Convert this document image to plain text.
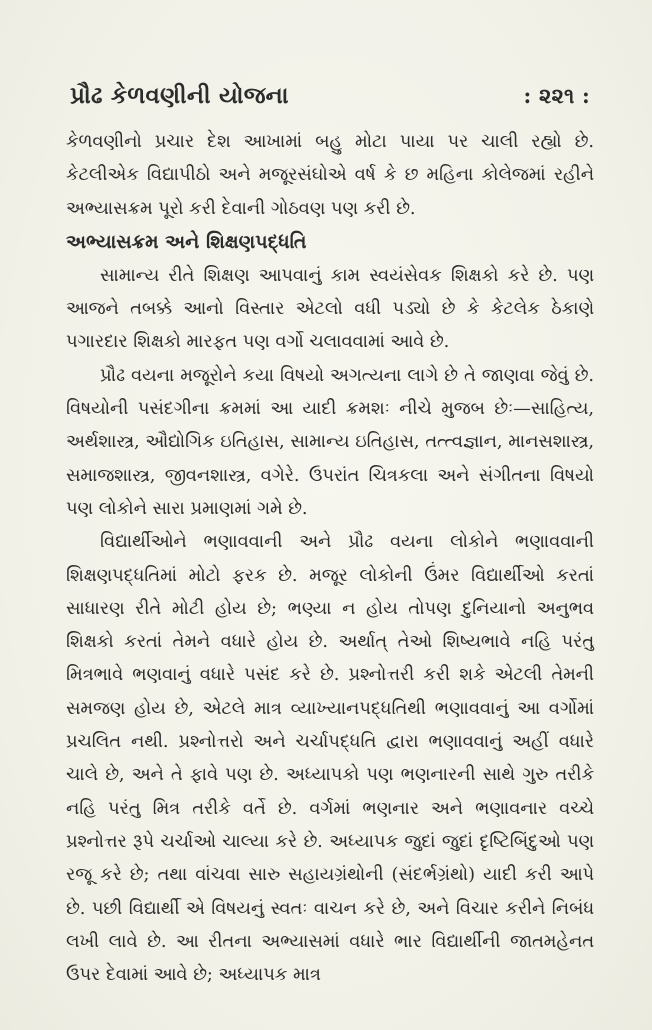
પ્રૌઢ કેળવણીની યોજના	: ૨૨૧ :

કેળવણીનો પ્રચાર દેશ આખામાં બહુ મોટા પાયા પર ચાલી રહ્યો છે. કેટલીએક વિદ્યાપીઠો અને મજૂરસંઘોએ વર્ષ કે છ મહિના કોલેજમાં રહીને અભ્યાસક્રમ પૂરો કરી દેવાની ગોઠવણ પણ કરી છે.

અભ્યાસક્રમ અને શિક્ષણપદ્ધતિ

સામાન્ય રીતે શિક્ષણ આપવાનું કામ સ્વયંસેવક શિક્ષકો કરે છે. પણ આજને તબક્કે આનો વિસ્તાર એટલો વધી પડ્યો છે કે કેટલેક ઠેકાણે પગારદાર શિક્ષકો મારફત પણ વર્ગો ચલાવવામાં આવે છે.

પ્રૌઢ વયના મજૂરોને કયા વિષયો અગત્યના લાગે છે તે જાણવા જેવું છે. વિષયોની પસંદગીના ક્રમમાં આ યાદી ક્રમશઃ નીચે મુજબ છેઃ—સાહિત્ય, અર્થશાસ્ત્ર, ઔદ્યોગિક ઇતિહાસ, સામાન્ય ઇતિહાસ, તત્ત્વજ્ઞાન, માનસશાસ્ત્ર, સમાજશાસ્ત્ર, જીવનશાસ્ત્ર, વગેરે. ઉપરાંત ચિત્રકલા અને સંગીતના વિષયો પણ લોકોને સારા પ્રમાણમાં ગમે છે.

વિદ્યાર્થીઓને ભણાવવાની અને પ્રૌઢ વયના લોકોને ભણાવવાની શિક્ષણપદ્ધતિમાં મોટો ફરક છે. મજૂર લોકોની ઉંમર વિદ્યાર્થીઓ કરતાં સાધારણ રીતે મોટી હોય છે; ભણ્યા ન હોય તોપણ દુનિયાનો અનુભવ શિક્ષકો કરતાં તેમને વધારે હોય છે. અર્થાત્ તેઓ શિષ્યભાવે નહિ પરંતુ મિત્રભાવે ભણવાનું વધારે પસંદ કરે છે. પ્રશ્નોત્તરી કરી શકે એટલી તેમની સમજણ હોય છે, એટલે માત્ર વ્યાખ્યાનપદ્ધતિથી ભણાવવાનું આ વર્ગોમાં પ્રચલિત નથી. પ્રશ્નોત્તરો અને ચર્ચાપદ્ધતિ દ્વારા ભણાવવાનું અહીં વધારે ચાલે છે, અને તે ફાવે પણ છે. અધ્યાપકો પણ ભણનારની સાથે ગુરુ તરીકે નહિ પરંતુ મિત્ર તરીકે વર્તે છે. વર્ગમાં ભણનાર અને ભણાવનાર વચ્ચે પ્રશ્નોત્તર રૂપે ચર્ચાઓ ચાલ્યા કરે છે. અધ્યાપક જુદાં જુદાં દૃષ્ટિબિંદુઓ પણ રજૂ કરે છે; તથા વાંચવા સારુ સહાયગ્રંથોની (સંદર્ભગ્રંથો) યાદી કરી આપે છે. પછી વિદ્યાર્થી એ વિષયનું સ્વતઃ વાચન કરે છે, અને વિચાર કરીને નિબંધ લખી લાવે છે. આ રીતના અભ્યાસમાં વધારે ભાર વિદ્યાર્થીની જાતમહેનત ઉપર દેવામાં આવે છે; અધ્યાપક માત્ર
